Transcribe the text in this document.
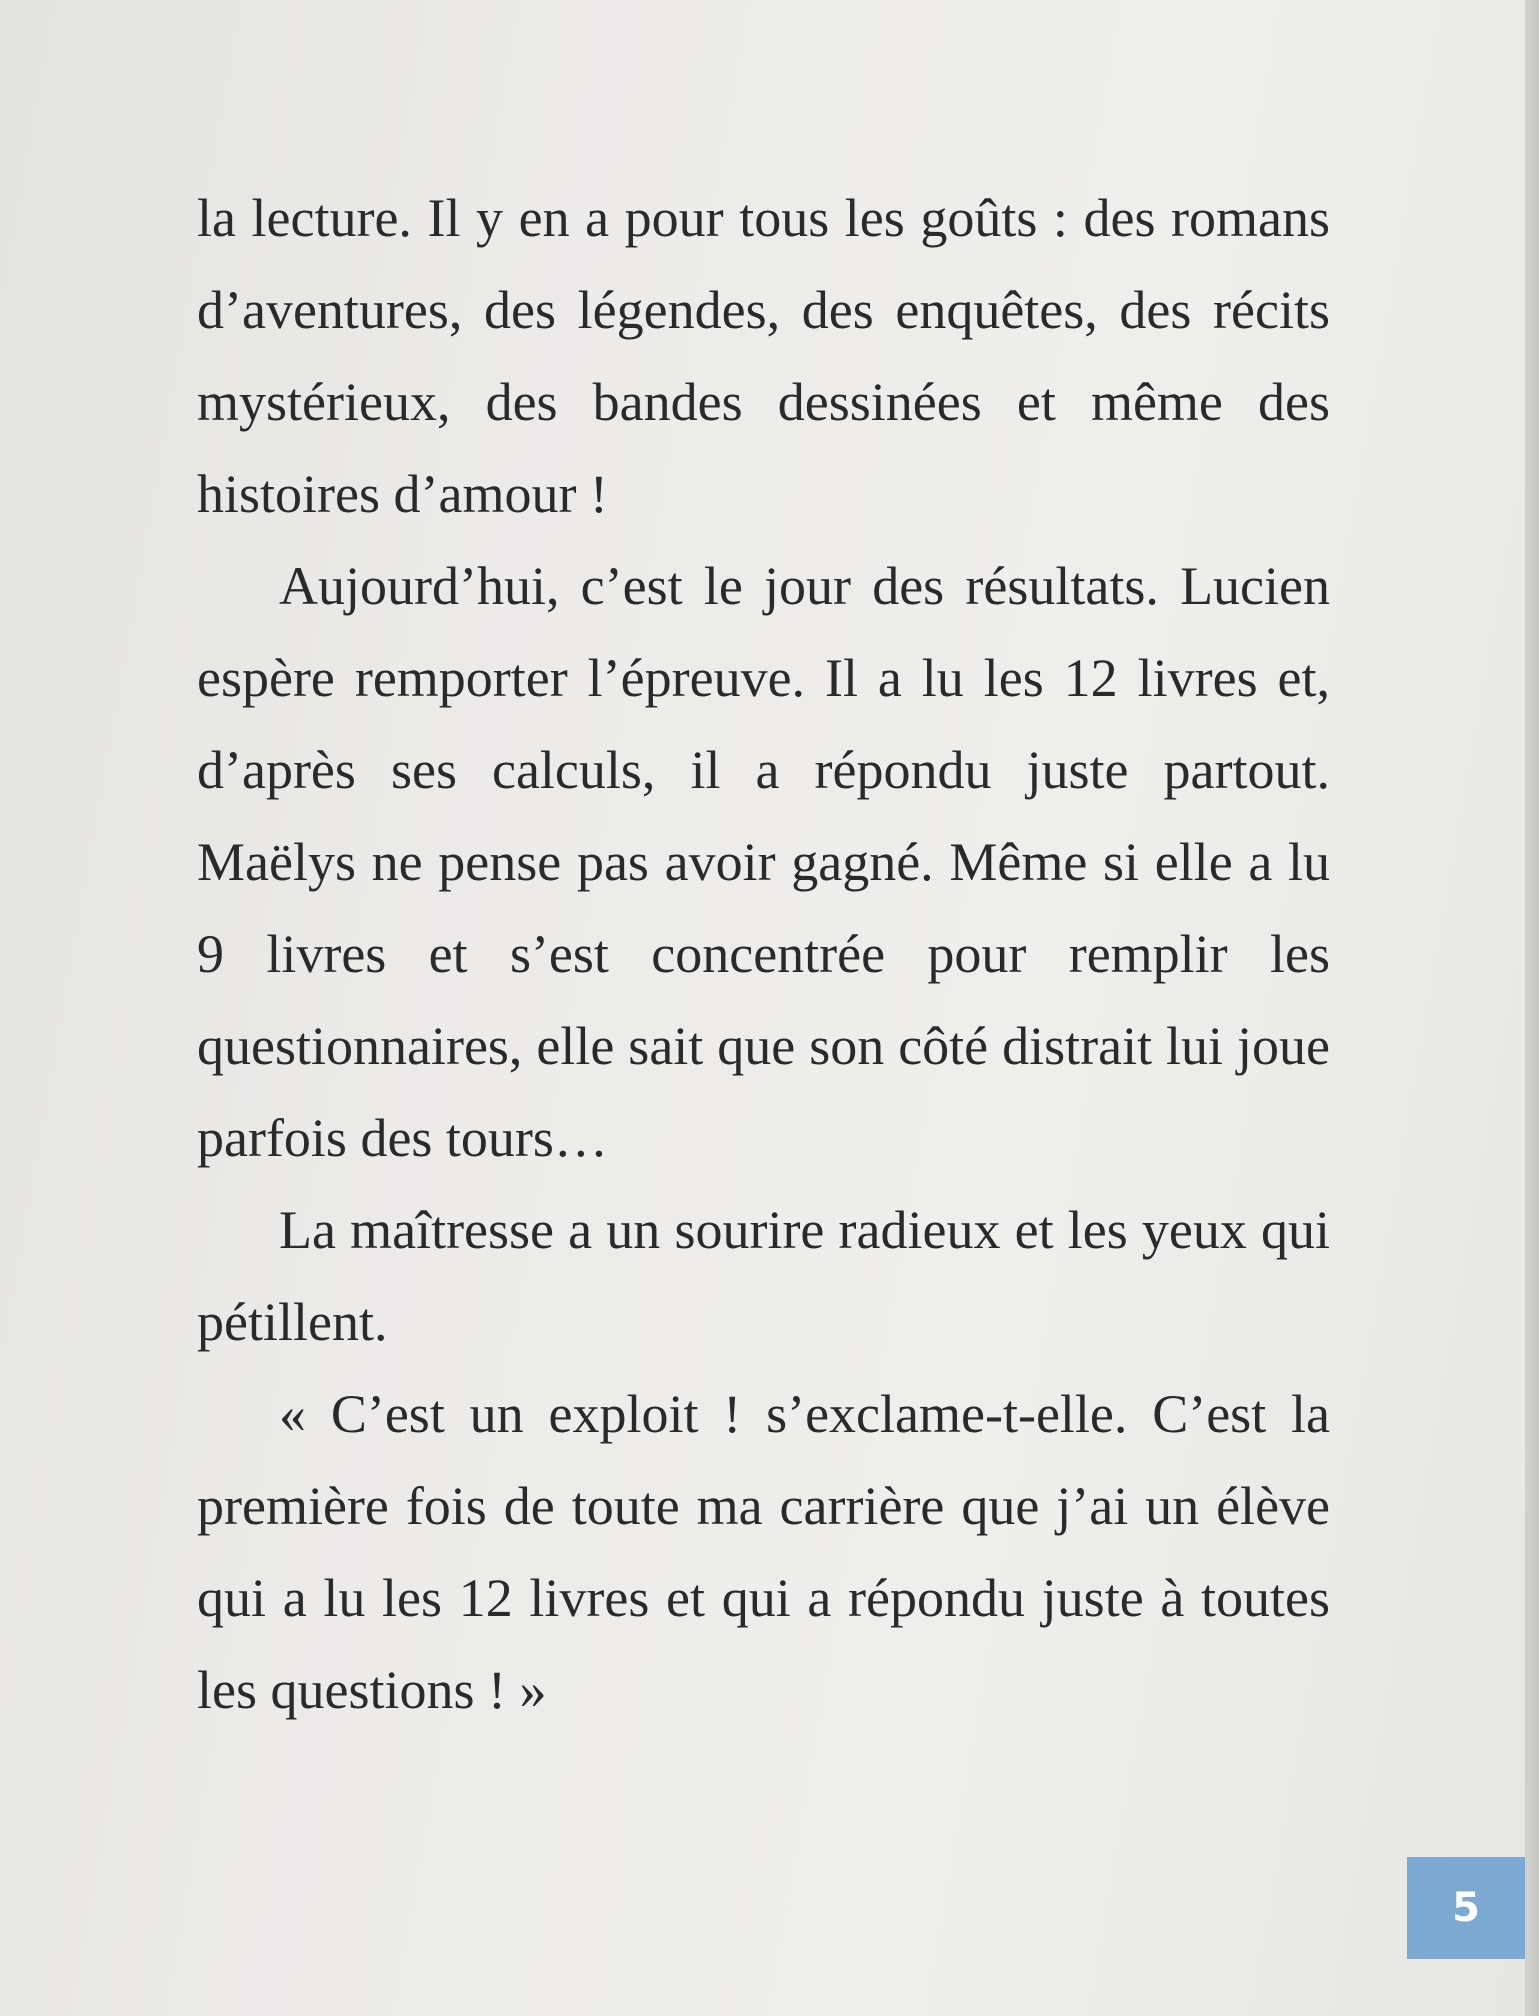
la lecture. Il y en a pour tous les goûts : des romans d’aventures, des légendes, des enquêtes, des récits mystérieux, des bandes dessinées et même des histoires d’amour !

Aujourd’hui, c’est le jour des résultats. Lucien espère remporter l’épreuve. Il a lu les 12 livres et, d’après ses calculs, il a répondu juste partout. Maëlys ne pense pas avoir gagné. Même si elle a lu 9 livres et s’est concentrée pour remplir les questionnaires, elle sait que son côté distrait lui joue parfois des tours…

La maîtresse a un sourire radieux et les yeux qui pétillent.

« C’est un exploit ! s’exclame-t-elle. C’est la première fois de toute ma carrière que j’ai un élève qui a lu les 12 livres et qui a répondu juste à toutes les questions ! »

5
